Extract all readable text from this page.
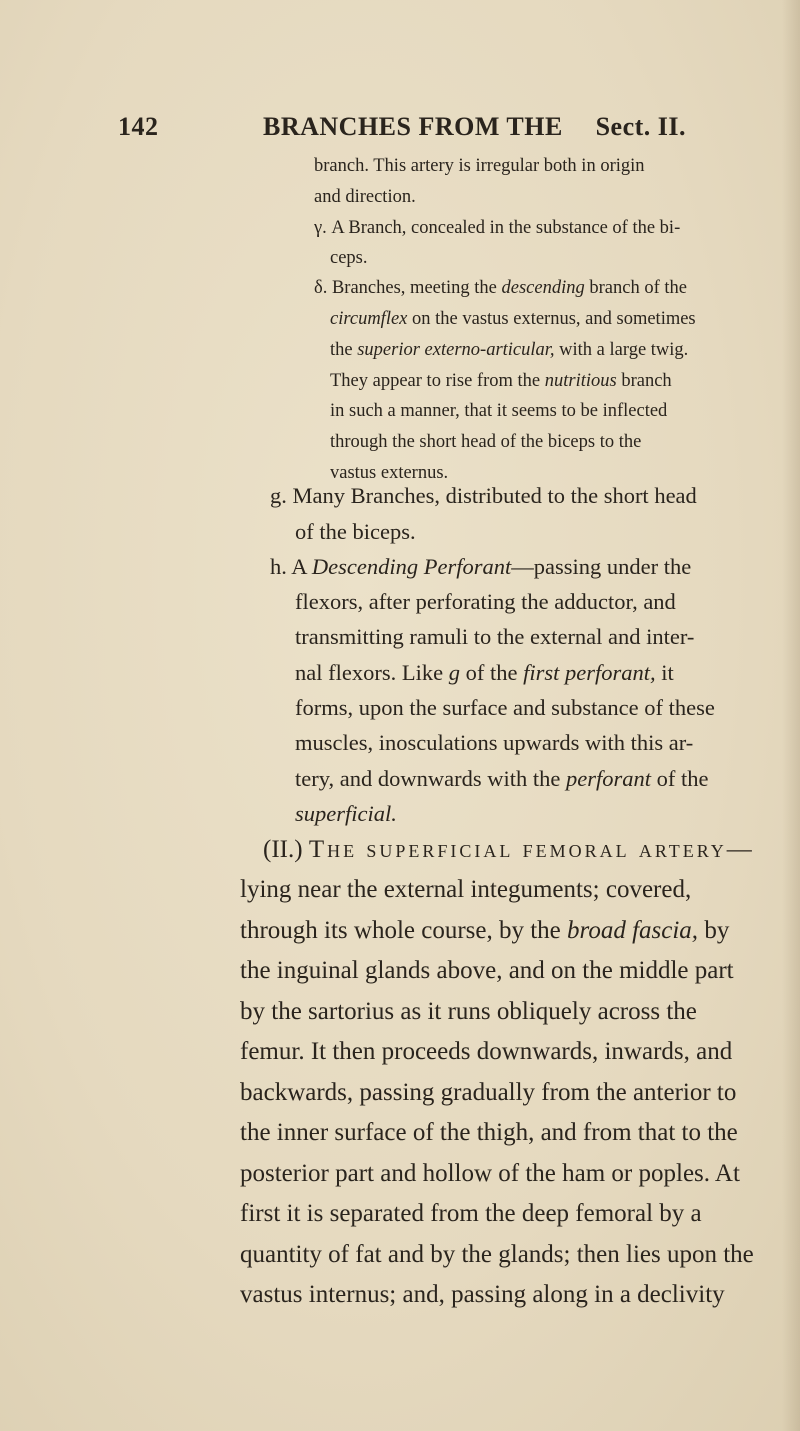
142	BRANCHES FROM THE Sect. II.
branch. This artery is irregular both in origin
and direction.
γ. A Branch, concealed in the substance of the bi-
ceps.
δ. Branches, meeting the descending branch of the
circumflex on the vastus externus, and sometimes
the superior externo-articular, with a large twig.
They appear to rise from the nutritious branch
in such a manner, that it seems to be inflected
through the short head of the biceps to the
vastus externus.
g. Many Branches, distributed to the short head
of the biceps.
h. A Descending Perforant—passing under the
flexors, after perforating the adductor, and
transmitting ramuli to the external and inter-
nal flexors. Like g of the first perforant, it
forms, upon the surface and substance of these
muscles, inosculations upwards with this ar-
tery, and downwards with the perforant of the
superficial.
(II.) The superficial femoral artery—
lying near the external integuments; covered,
through its whole course, by the broad fascia, by
the inguinal glands above, and on the middle part
by the sartorius as it runs obliquely across the
femur. It then proceeds downwards, inwards, and
backwards, passing gradually from the anterior to
the inner surface of the thigh, and from that to the
posterior part and hollow of the ham or poples. At
first it is separated from the deep femoral by a
quantity of fat and by the glands; then lies upon the
vastus internus; and, passing along in a declivity
